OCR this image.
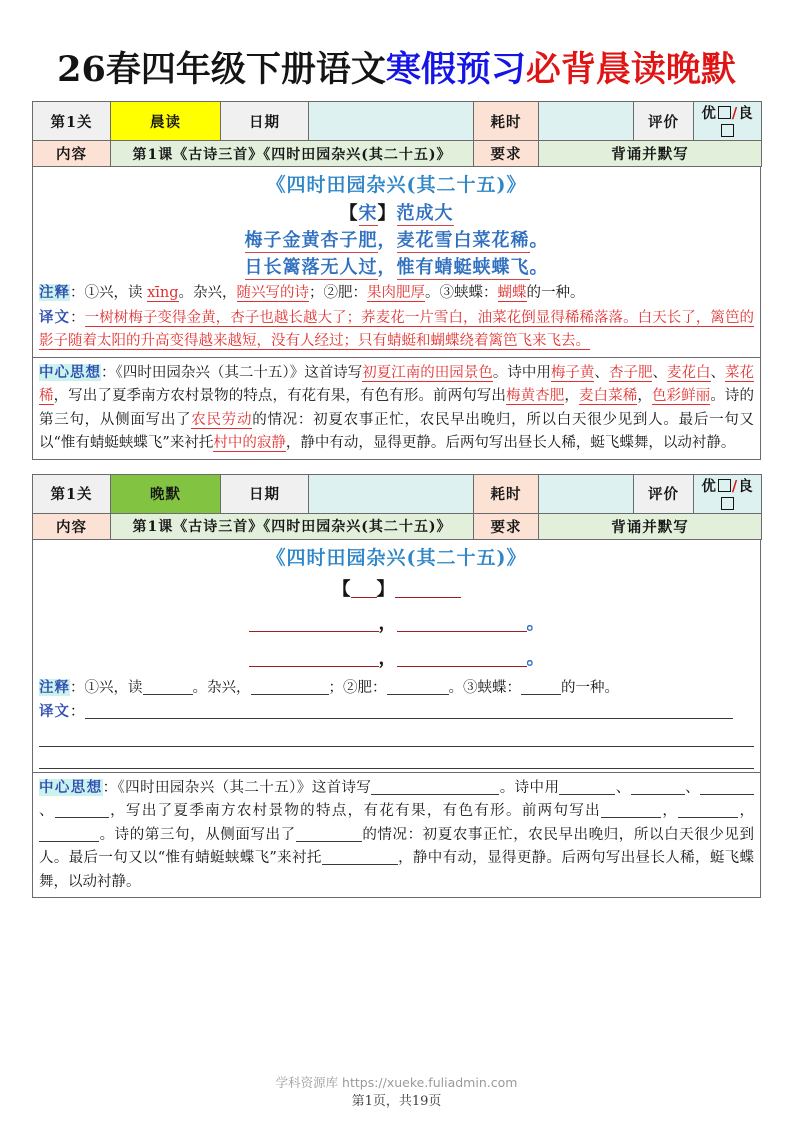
26春四年级下册语文寒假预习必背晨读晚默
第1关	晨读	日期		耗时		评价	优 /良
内容	第1课《古诗三首》《四时田园杂兴(其二十五)》			要求	背诵并默写		
《四时田园杂兴(其二十五)》
【宋】范成大
梅子金黄杏子肥，麦花雪白菜花稀。
日长篱落无人过，惟有蜻蜓蛱蝶飞。
注释：①兴，读 xīng。杂兴，随兴写的诗；②肥：果肉肥厚。③蛱蝶：蝴蝶的一种。
译文：一树树梅子变得金黄，杏子也越长越大了；荞麦花一片雪白，油菜花倒显得稀稀落落。白天长了，篱笆的影子随着太阳的升高变得越来越短，没有人经过；只有蜻蜓和蝴蝶绕着篱笆飞来飞去。
中心思想：《四时田园杂兴（其二十五）》这首诗写初夏江南的田园景色。诗中用梅子黄、杏子肥、麦花白、菜花稀，写出了夏季南方农村景物的特点，有花有果，有色有形。前两句写出梅黄杏肥，麦白菜稀，色彩鲜丽。诗的第三句，从侧面写出了农民劳动的情况：初夏农事正忙，农民早出晚归，所以白天很少见到人。最后一句又以“惟有蜻蜓蛱蝶飞”来衬托村中的寂静，静中有动，显得更静。后两句写出昼长人稀，蜓飞蝶舞，以动衬静。
第1关	晚默	日期		耗时		评价	优 /良
内容	第1课《古诗三首》《四时田园杂兴(其二十五)》			要求	背诵并默写		
《四时田园杂兴(其二十五)》
【 】
，	。
，	。
注释：①兴，读	。杂兴，	；②肥：	。③蛱蝶：	的一种。
译文：
中心思想：《四时田园杂兴（其二十五）》这首诗写	。诗中用	、	、、	，写出了夏季南方农村景物的特点，有花有果，有色有形。前两句写出	，	，。诗的第三句，从侧面写出了	的情况：初夏农事正忙，农民早出晚归，所以白天很少见到人。最后一句又以“惟有蜻蜓蛱蝶飞”来衬托	，静中有动，显得更静。后两句写出昼长人稀，蜓飞蝶舞，以动衬静。
学科资源库 https://xueke.fuliadmin.com
第1页，共19页
